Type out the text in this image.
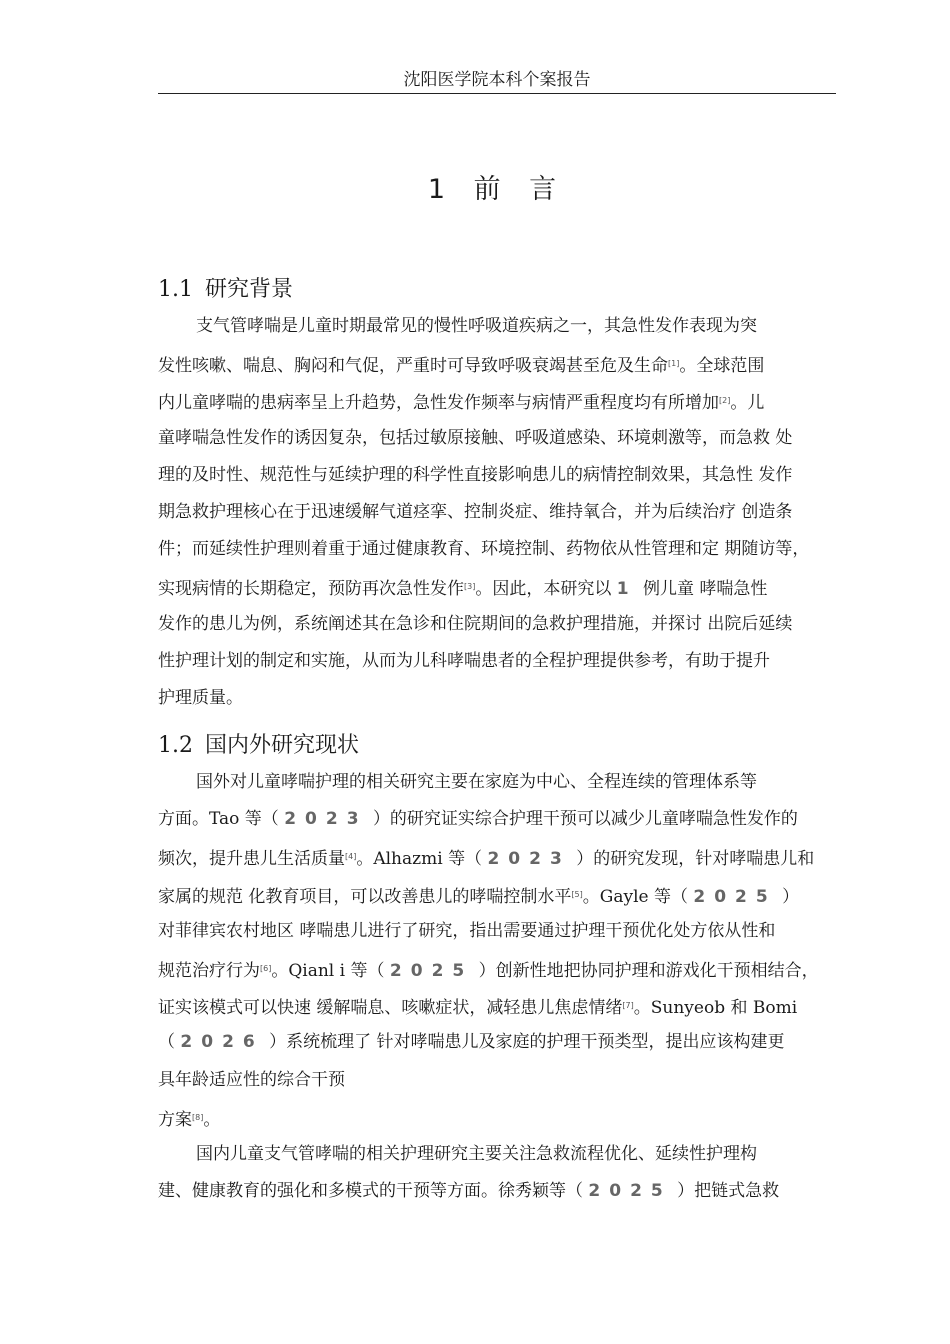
沈阳医学院本科个案报告
1 前 言
1.1 研究背景
支气管哮喘是儿童时期最常见的慢性呼吸道疾病之一，其急性发作表现为突
发性咳嗽、喘息、胸闷和气促，严重时可导致呼吸衰竭甚至危及生命[1]。全球范围
内儿童哮喘的患病率呈上升趋势，急性发作频率与病情严重程度均有所增加[2]。儿
童哮喘急性发作的诱因复杂，包括过敏原接触、呼吸道感染、环境刺激等，而急救 处
理的及时性、规范性与延续护理的科学性直接影响患儿的病情控制效果，其急性 发作
期急救护理核心在于迅速缓解气道痉挛、控制炎症、维持氧合，并为后续治疗 创造条
件；而延续性护理则着重于通过健康教育、环境控制、药物依从性管理和定 期随访等，
实现病情的长期稳定，预防再次急性发作[3]。因此，本研究以 1 例儿童 哮喘急性
发作的患儿为例，系统阐述其在急诊和住院期间的急救护理措施，并探讨 出院后延续
性护理计划的制定和实施，从而为儿科哮喘患者的全程护理提供参考，有助于提升
护理质量。
1.2 国内外研究现状
国外对儿童哮喘护理的相关研究主要在家庭为中心、全程连续的管理体系等
方面。Tao 等（ 2023 ）的研究证实综合护理干预可以减少儿童哮喘急性发作的
频次，提升患儿生活质量[4]。Alhazmi 等（ 2023 ）的研究发现，针对哮喘患儿和
家属的规范 化教育项目，可以改善患儿的哮喘控制水平[5]。Gayle 等（ 2025 ）
对菲律宾农村地区 哮喘患儿进行了研究，指出需要通过护理干预优化处方依从性和
规范治疗行为[6]。Qianl i 等（ 2025 ）创新性地把协同护理和游戏化干预相结合，
证实该模式可以快速 缓解喘息、咳嗽症状，减轻患儿焦虑情绪[7]。Sunyeob 和 Bomi
（ 2026 ）系统梳理了 针对哮喘患儿及家庭的护理干预类型，提出应该构建更
具年龄适应性的综合干预
方案[8]。
国内儿童支气管哮喘的相关护理研究主要关注急救流程优化、延续性护理构
建、健康教育的强化和多模式的干预等方面。徐秀颖等（ 2025 ）把链式急救
